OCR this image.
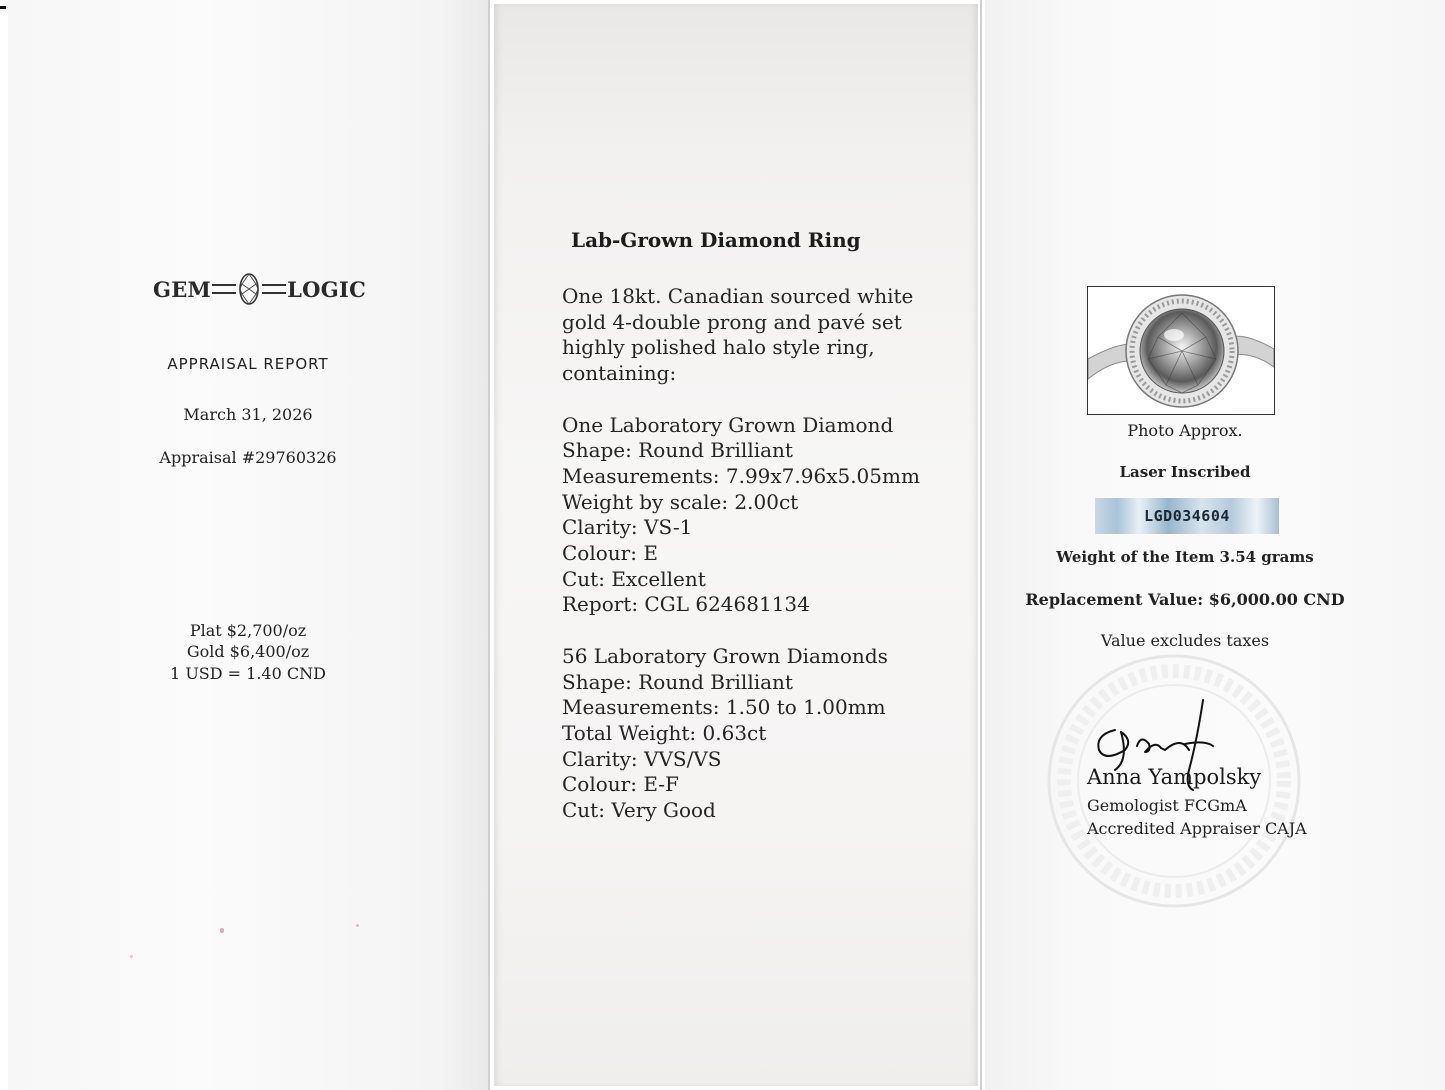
GEM	LOGIC
APPRAISAL REPORT
March 31, 2026
Appraisal #29760326
Plat $2,700/oz
Gold $6,400/oz
1 USD = 1.40 CND
Lab-Grown Diamond Ring
One 18kt. Canadian sourced white
gold 4-double prong and pavé set
highly polished halo style ring,
containing:
One Laboratory Grown Diamond
Shape: Round Brilliant
Measurements: 7.99x7.96x5.05mm
Weight by scale: 2.00ct
Clarity: VS-1
Colour: E
Cut: Excellent
Report: CGL 624681134
56 Laboratory Grown Diamonds
Shape: Round Brilliant
Measurements: 1.50 to 1.00mm
Total Weight: 0.63ct
Clarity: VVS/VS
Colour: E-F
Cut: Very Good
Photo Approx.
Laser Inscribed
LGD034604
Weight of the Item 3.54 grams
Replacement Value: $6,000.00 CND
Value excludes taxes
Anna Yampolsky
Gemologist FCGmA
Accredited Appraiser CAJA
